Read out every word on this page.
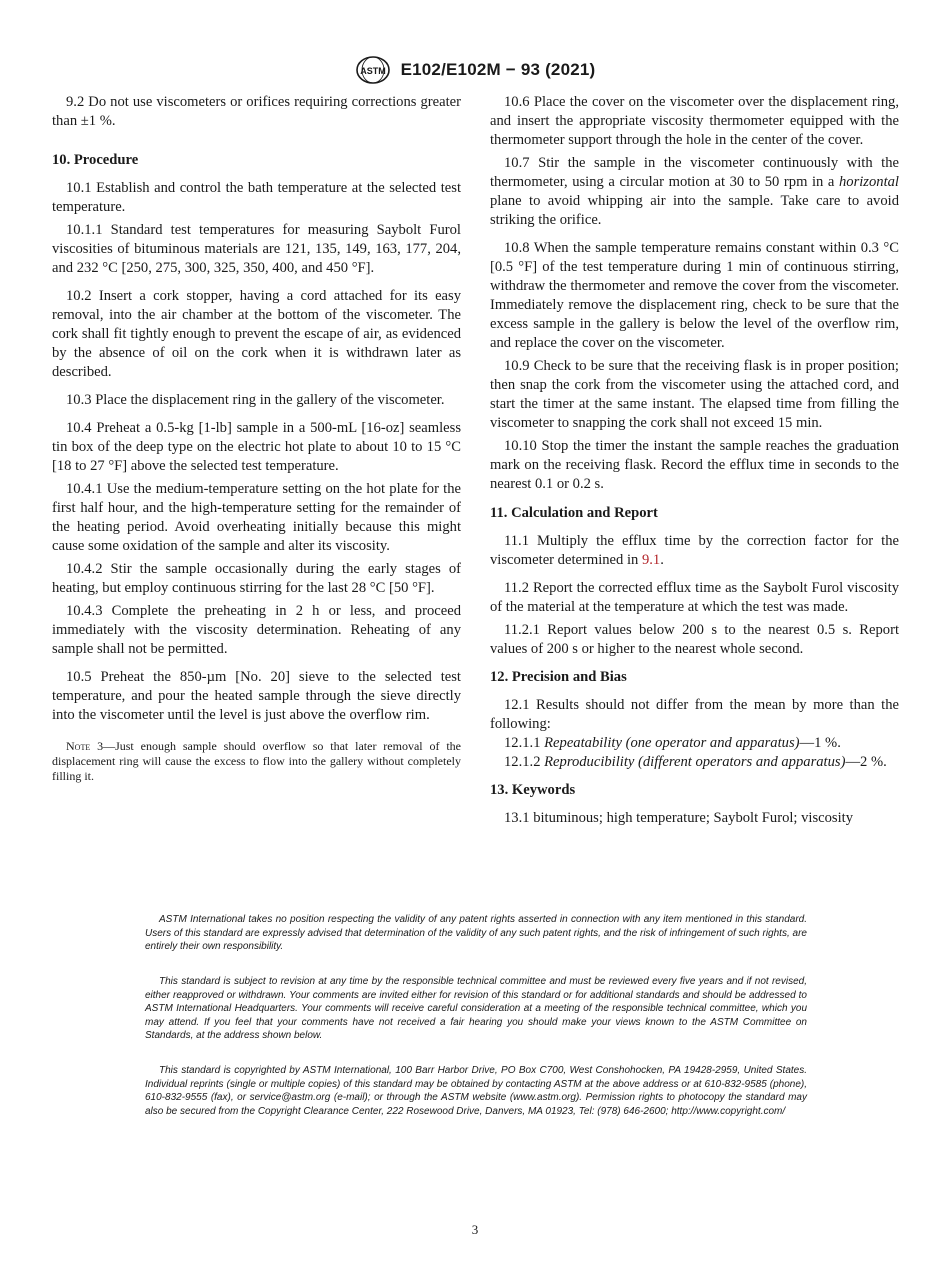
ASTM E102/E102M − 93 (2021)

9.2 Do not use viscometers or orifices requiring corrections greater than ±1 %.

10. Procedure

10.1 Establish and control the bath temperature at the selected test temperature.

10.1.1 Standard test temperatures for measuring Saybolt Furol viscosities of bituminous materials are 121, 135, 149, 163, 177, 204, and 232 °C [250, 275, 300, 325, 350, 400, and 450 °F].

10.2 Insert a cork stopper, having a cord attached for its easy removal, into the air chamber at the bottom of the viscometer. The cork shall fit tightly enough to prevent the escape of air, as evidenced by the absence of oil on the cork when it is withdrawn later as described.

10.3 Place the displacement ring in the gallery of the viscometer.

10.4 Preheat a 0.5-kg [1-lb] sample in a 500-mL [16-oz] seamless tin box of the deep type on the electric hot plate to about 10 to 15 °C [18 to 27 °F] above the selected test temperature.

10.4.1 Use the medium-temperature setting on the hot plate for the first half hour, and the high-temperature setting for the remainder of the heating period. Avoid overheating initially because this might cause some oxidation of the sample and alter its viscosity.

10.4.2 Stir the sample occasionally during the early stages of heating, but employ continuous stirring for the last 28 °C [50 °F].

10.4.3 Complete the preheating in 2 h or less, and proceed immediately with the viscosity determination. Reheating of any sample shall not be permitted.

10.5 Preheat the 850-µm [No. 20] sieve to the selected test temperature, and pour the heated sample through the sieve directly into the viscometer until the level is just above the overflow rim.

Note 3—Just enough sample should overflow so that later removal of the displacement ring will cause the excess to flow into the gallery without completely filling it.

10.6 Place the cover on the viscometer over the displacement ring, and insert the appropriate viscosity thermometer equipped with the thermometer support through the hole in the center of the cover.

10.7 Stir the sample in the viscometer continuously with the thermometer, using a circular motion at 30 to 50 rpm in a horizontal plane to avoid whipping air into the sample. Take care to avoid striking the orifice.

10.8 When the sample temperature remains constant within 0.3 °C [0.5 °F] of the test temperature during 1 min of continuous stirring, withdraw the thermometer and remove the cover from the viscometer. Immediately remove the displacement ring, check to be sure that the excess sample in the gallery is below the level of the overflow rim, and replace the cover on the viscometer.

10.9 Check to be sure that the receiving flask is in proper position; then snap the cork from the viscometer using the attached cord, and start the timer at the same instant. The elapsed time from filling the viscometer to snapping the cork shall not exceed 15 min.

10.10 Stop the timer the instant the sample reaches the graduation mark on the receiving flask. Record the efflux time in seconds to the nearest 0.1 or 0.2 s.

11. Calculation and Report

11.1 Multiply the efflux time by the correction factor for the viscometer determined in 9.1.

11.2 Report the corrected efflux time as the Saybolt Furol viscosity of the material at the temperature at which the test was made.

11.2.1 Report values below 200 s to the nearest 0.5 s. Report values of 200 s or higher to the nearest whole second.

12. Precision and Bias

12.1 Results should not differ from the mean by more than the following:

12.1.1 Repeatability (one operator and apparatus)—1 %.

12.1.2 Reproducibility (different operators and apparatus)—2 %.

13. Keywords

13.1 bituminous; high temperature; Saybolt Furol; viscosity

ASTM International takes no position respecting the validity of any patent rights asserted in connection with any item mentioned in this standard. Users of this standard are expressly advised that determination of the validity of any such patent rights, and the risk of infringement of such rights, are entirely their own responsibility.

This standard is subject to revision at any time by the responsible technical committee and must be reviewed every five years and if not revised, either reapproved or withdrawn. Your comments are invited either for revision of this standard or for additional standards and should be addressed to ASTM International Headquarters. Your comments will receive careful consideration at a meeting of the responsible technical committee, which you may attend. If you feel that your comments have not received a fair hearing you should make your views known to the ASTM Committee on Standards, at the address shown below.

This standard is copyrighted by ASTM International, 100 Barr Harbor Drive, PO Box C700, West Conshohocken, PA 19428-2959, United States. Individual reprints (single or multiple copies) of this standard may be obtained by contacting ASTM at the above address or at 610-832-9585 (phone), 610-832-9555 (fax), or service@astm.org (e-mail); or through the ASTM website (www.astm.org). Permission rights to photocopy the standard may also be secured from the Copyright Clearance Center, 222 Rosewood Drive, Danvers, MA 01923, Tel: (978) 646-2600; http://www.copyright.com/

3
